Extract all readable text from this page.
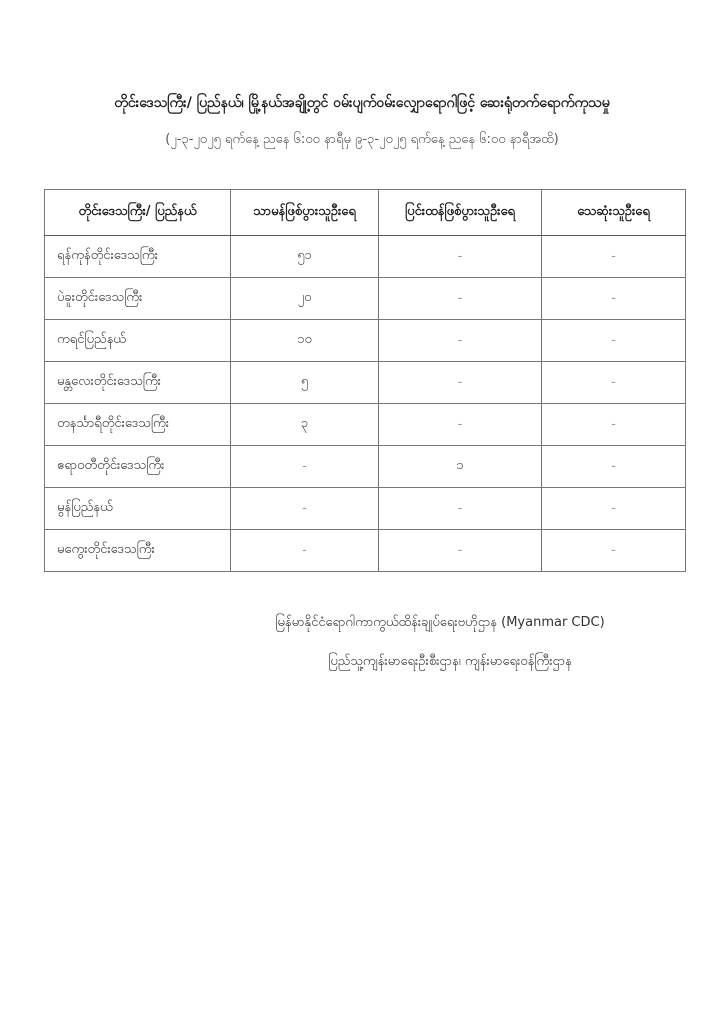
တိုင်းဒေသကြီး/ ပြည်နယ်၊ မြို့နယ်အချို့တွင် ဝမ်းပျက်ဝမ်းလျှောရောဂါဖြင့် ဆေးရုံတက်ရောက်ကုသမှု
(၂-၃-၂၀၂၅ ရက်နေ့ ညနေ ၆:၀၀ နာရီမှ ၉-၃-၂၀၂၅ ရက်နေ့ ညနေ ၆:၀၀ နာရီအထိ)
တိုင်းဒေသကြီး/ ပြည်နယ်	သာမန်ဖြစ်ပွားသူဦးရေ	ပြင်းထန်ဖြစ်ပွားသူဦးရေ	သေဆုံးသူဦးရေ
ရန်ကုန်တိုင်းဒေသကြီး	၅၁	-	-
ပဲခူးတိုင်းဒေသကြီး	၂၀	-	-
ကရင်ပြည်နယ်	၁၀	-	-
မန္တလေးတိုင်းဒေသကြီး	၅	-	-
တနင်္သာရီတိုင်းဒေသကြီး	၃	-	-
ဧရာဝတီတိုင်းဒေသကြီး	-	၁	-
မွန်ပြည်နယ်	-	-	-
မကွေးတိုင်းဒေသကြီး	-	-	-
မြန်မာနိုင်ငံရောဂါကာကွယ်ထိန်းချုပ်ရေးဗဟိုဌာန (Myanmar CDC)
ပြည်သူ့ကျန်းမာရေးဦးစီးဌာန၊ ကျန်းမာရေးဝန်ကြီးဌာန
